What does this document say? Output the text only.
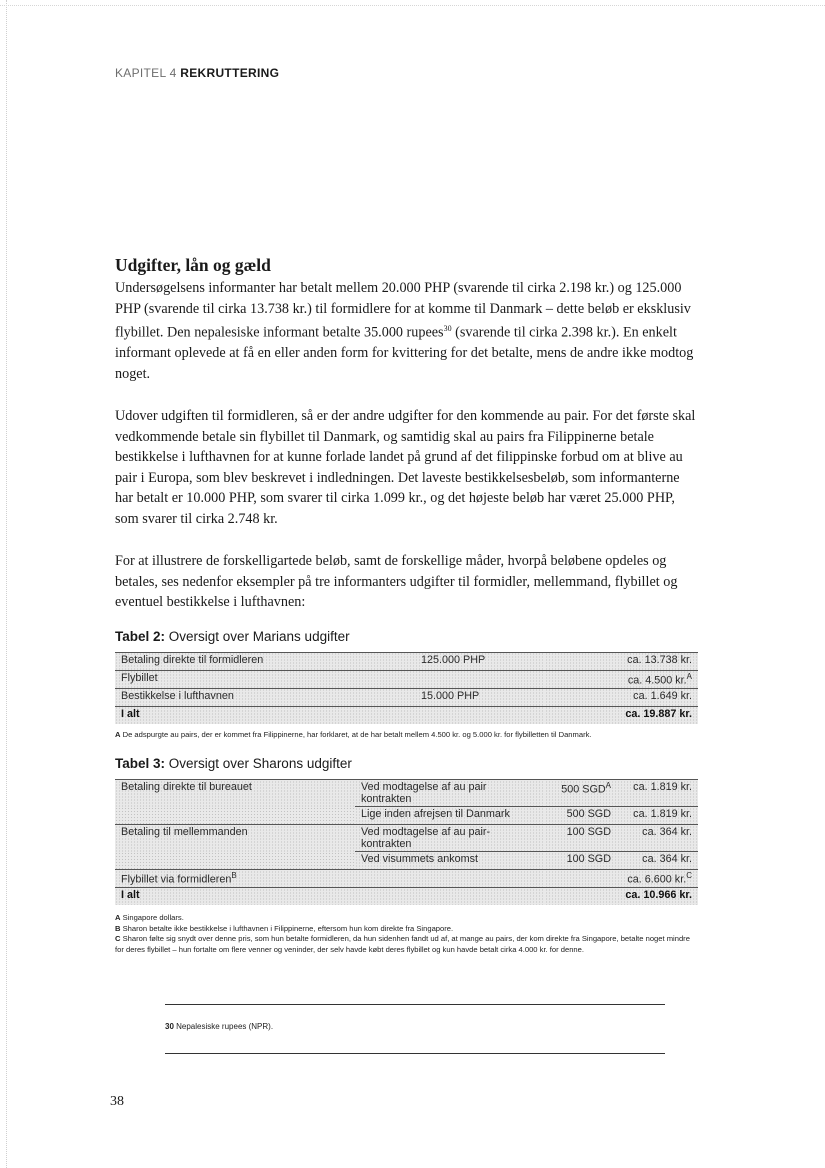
KAPITEL 4 REKRUTTERING
Udgifter, lån og gæld

Undersøgelsens informanter har betalt mellem 20.000 PHP (svarende til cirka 2.198 kr.) og 125.000 PHP (svarende til cirka 13.738 kr.) til formidlere for at komme til Danmark – dette beløb er eksklusiv flybillet. Den nepalesiske informant betalte 35.000 rupees$^{30}$ (svarende til cirka 2.398 kr.). En enkelt informant oplevede at få en eller anden form for kvittering for det betalte, mens de andre ikke modtog noget.

Udover udgiften til formidleren, så er der andre udgifter for den kommende au pair. For det første skal vedkommende betale sin flybillet til Danmark, og samtidig skal au pairs fra Filippinerne betale bestikkelse i lufthavnen for at kunne forlade landet på grund af det filippinske forbud om at blive au pair i Europa, som blev beskrevet i indledningen. Det laveste bestikkelsesbeløb, som informanterne har betalt er 10.000 PHP, som svarer til cirka 1.099 kr., og det højeste beløb har været 25.000 PHP, som svarer til cirka 2.748 kr.

For at illustrere de forskelligartede beløb, samt de forskellige måder, hvorpå beløbene opdeles og betales, ses nedenfor eksempler på tre informanters udgifter til formidler, mellemmand, flybillet og eventuel bestikkelse i lufthavnen:

Tabel 2: Oversigt over Marians udgifter
Betaling direkte til formidleren	125.000 PHP	ca. 13.738 kr.
Flybillet		ca. 4.500 kr.$^A$
Bestikkelse i lufthavnen	15.000 PHP	ca. 1.649 kr.
I alt		ca. 19.887 kr.
A De adspurgte au pairs, der er kommet fra Filippinerne, har forklaret, at de har betalt mellem 4.500 kr. og 5.000 kr. for flybilletten til Danmark.
Tabel 3: Oversigt over Sharons udgifter
Betaling direkte til bureauet	Ved modtagelse af au pair kontrakten	500 $SGD^A$	ca. 1.819 kr.
	Lige inden afrejsen til Danmark	500 SGD	ca. 1.819 kr.
Betaling til mellemmanden	Ved modtagelse af au pair-kontrakten	100 SGD	ca. 364 kr.
	Ved visummets ankomst	100 SGD	ca. 364 kr.
Flybillet via formidleren$^B$			ca. 6.600 kr.$^C$
I alt			ca. 10.966 kr.
A Singapore dollars.
B Sharon betalte ikke bestikkelse i lufthavnen i Filippinerne, eftersom hun kom direkte fra Singapore.
C Sharon følte sig snydt over denne pris, som hun betalte formidleren, da hun sidenhen fandt ud af, at mange au pairs, der kom direkte fra Singapore, betalte noget mindre for deres flybillet – hun fortalte om flere venner og veninder, der selv havde købt deres flybillet og kun havde betalt cirka 4.000 kr. for denne.
30 Nepalesiske rupees (NPR).
38
